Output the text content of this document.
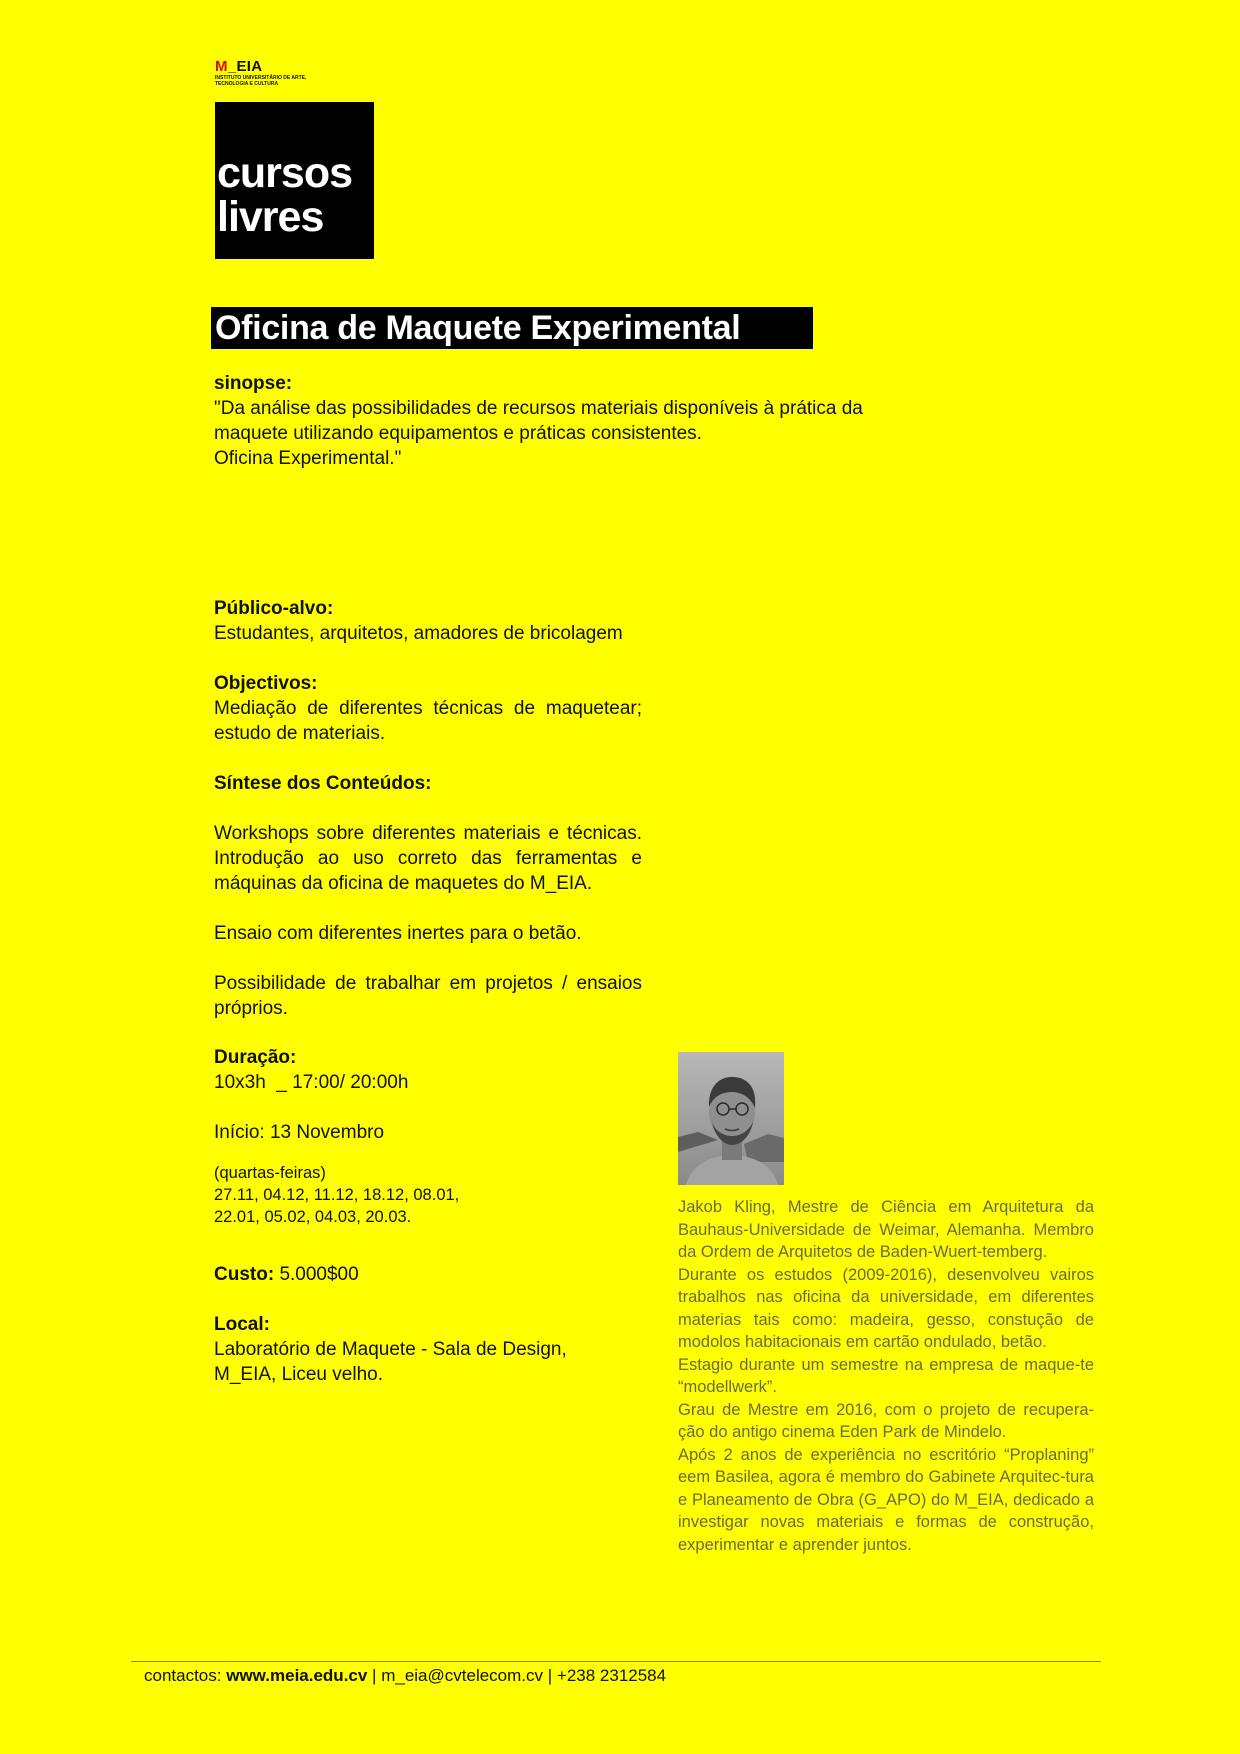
M_EIA
INSTITUTO UNIVERSITÁRIO DE ARTE, TECNOLOGIA E CULTURA
cursos
livres
Oficina de Maquete Experimental

sinopse:

"Da análise das possibilidades de recursos materiais disponíveis à prática da maquete utilizando equipamentos e práticas consistentes.

Oficina Experimental."

Público-alvo:

Estudantes, arquitetos, amadores de bricolagem

Objectivos:

Mediação de diferentes técnicas de maquetear; estudo de materiais.

Síntese dos Conteúdos:

Workshops sobre diferentes materiais e técnicas. Introdução ao uso correto das ferramentas e máquinas da oficina de maquetes do M_EIA.

Ensaio com diferentes inertes para o betão.

Possibilidade de trabalhar em projetos / ensaios próprios.

Duração:

10x3h  _ 17:00/ 20:00h

Início: 13 Novembro

(quartas-feiras)

27.11, 04.12, 11.12, 18.12, 08.01,

22.01, 05.02, 04.03, 20.03.

Custo: 5.000$00

Local:

Laboratório de Maquete - Sala de Design,

M_EIA, Liceu velho.

Jakob Kling, Mestre de Ciência em Arquitetura da Bauhaus-Universidade de Weimar, Alemanha. Membro da Ordem de Arquitetos de Baden-Wuert-temberg.

Durante os estudos (2009-2016), desenvolveu vairos trabalhos nas oficina da universidade, em diferentes materias tais como: madeira, gesso, constução de modolos habitacionais em cartão ondulado, betão.

Estagio durante um semestre na empresa de maque-te “modellwerk”.

Grau de Mestre em 2016, com o projeto de recupera-ção do antigo cinema Eden Park de Mindelo.

Após 2 anos de experiência no escritório “Proplaning” eem Basilea, agora é membro do Gabinete Arquitec-tura e Planeamento de Obra (G_APO) do M_EIA, dedicado a investigar novas materiais e formas de construção, experimentar e aprender juntos.

contactos: www.meia.edu.cv | m_eia@cvtelecom.cv | +238 2312584
